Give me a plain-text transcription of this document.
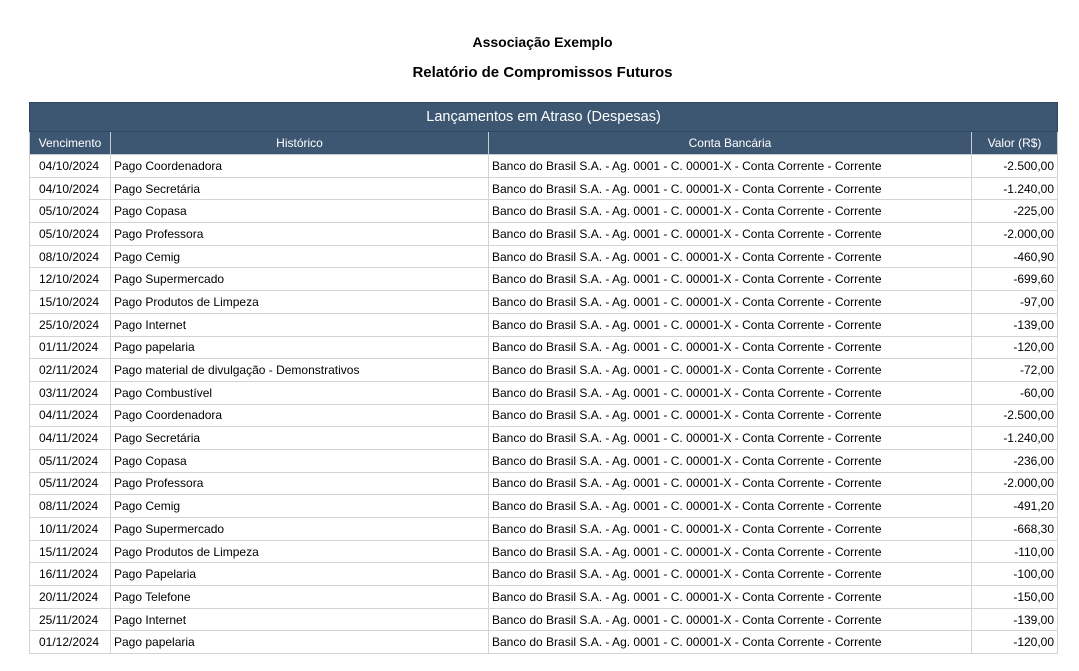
Associação Exemplo
Relatório de Compromissos Futuros
Lançamentos em Atraso (Despesas)			
Vencimento	Histórico	Conta Bancária	Valor (R$)
04/10/2024	Pago Coordenadora	Banco do Brasil S.A. - Ag. 0001 - C. 00001-X - Conta Corrente - Corrente	-2.500,00
04/10/2024	Pago Secretária	Banco do Brasil S.A. - Ag. 0001 - C. 00001-X - Conta Corrente - Corrente	-1.240,00
05/10/2024	Pago Copasa	Banco do Brasil S.A. - Ag. 0001 - C. 00001-X - Conta Corrente - Corrente	-225,00
05/10/2024	Pago Professora	Banco do Brasil S.A. - Ag. 0001 - C. 00001-X - Conta Corrente - Corrente	-2.000,00
08/10/2024	Pago Cemig	Banco do Brasil S.A. - Ag. 0001 - C. 00001-X - Conta Corrente - Corrente	-460,90
12/10/2024	Pago Supermercado	Banco do Brasil S.A. - Ag. 0001 - C. 00001-X - Conta Corrente - Corrente	-699,60
15/10/2024	Pago Produtos de Limpeza	Banco do Brasil S.A. - Ag. 0001 - C. 00001-X - Conta Corrente - Corrente	-97,00
25/10/2024	Pago Internet	Banco do Brasil S.A. - Ag. 0001 - C. 00001-X - Conta Corrente - Corrente	-139,00
01/11/2024	Pago papelaria	Banco do Brasil S.A. - Ag. 0001 - C. 00001-X - Conta Corrente - Corrente	-120,00
02/11/2024	Pago material de divulgação - Demonstrativos	Banco do Brasil S.A. - Ag. 0001 - C. 00001-X - Conta Corrente - Corrente	-72,00
03/11/2024	Pago Combustível	Banco do Brasil S.A. - Ag. 0001 - C. 00001-X - Conta Corrente - Corrente	-60,00
04/11/2024	Pago Coordenadora	Banco do Brasil S.A. - Ag. 0001 - C. 00001-X - Conta Corrente - Corrente	-2.500,00
04/11/2024	Pago Secretária	Banco do Brasil S.A. - Ag. 0001 - C. 00001-X - Conta Corrente - Corrente	-1.240,00
05/11/2024	Pago Copasa	Banco do Brasil S.A. - Ag. 0001 - C. 00001-X - Conta Corrente - Corrente	-236,00
05/11/2024	Pago Professora	Banco do Brasil S.A. - Ag. 0001 - C. 00001-X - Conta Corrente - Corrente	-2.000,00
08/11/2024	Pago Cemig	Banco do Brasil S.A. - Ag. 0001 - C. 00001-X - Conta Corrente - Corrente	-491,20
10/11/2024	Pago Supermercado	Banco do Brasil S.A. - Ag. 0001 - C. 00001-X - Conta Corrente - Corrente	-668,30
15/11/2024	Pago Produtos de Limpeza	Banco do Brasil S.A. - Ag. 0001 - C. 00001-X - Conta Corrente - Corrente	-110,00
16/11/2024	Pago Papelaria	Banco do Brasil S.A. - Ag. 0001 - C. 00001-X - Conta Corrente - Corrente	-100,00
20/11/2024	Pago Telefone	Banco do Brasil S.A. - Ag. 0001 - C. 00001-X - Conta Corrente - Corrente	-150,00
25/11/2024	Pago Internet	Banco do Brasil S.A. - Ag. 0001 - C. 00001-X - Conta Corrente - Corrente	-139,00
01/12/2024	Pago papelaria	Banco do Brasil S.A. - Ag. 0001 - C. 00001-X - Conta Corrente - Corrente	-120,00
